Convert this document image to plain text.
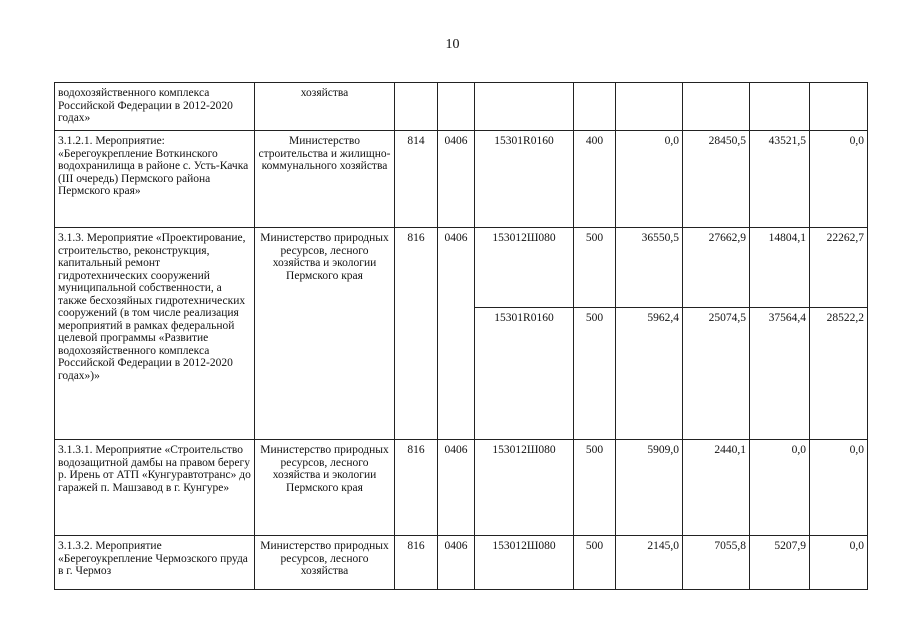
10
водохозяйственного комплекса Российской Федерации в 2012-2020 годах»	хозяйства								
3.1.2.1. Мероприятие: «Берегоукрепление Воткинского водохранилища в районе с. Усть-Качка (III очередь) Пермского района Пермского края»	Министерство строительства и жилищно-коммунального хозяйства	814	0406	15301R0160	400	0,0	28450,5	43521,5	0,0
3.1.3. Мероприятие «Проектирование, строительство, реконструкция, капитальный ремонт гидротехнических сооружений муниципальной собственности, а также бесхозяйных гидротехнических сооружений (в том числе реализация мероприятий в рамках федеральной целевой программы «Развитие водохозяйственного комплекса Российской Федерации в 2012-2020 годах»)»	Министерство природных ресурсов, лесного хозяйства и экологии Пермского края	816	0406	153012Ш080	500	36550,5	27662,9	14804,1	22262,7
				15301R0160	500	5962,4	25074,5	37564,4	28522,2
3.1.3.1. Мероприятие «Строительство водозащитной дамбы на правом берегу р. Ирень от АТП «Кунгуравтотранс» до гаражей п. Машзавод в г. Кунгуре»	Министерство природных ресурсов, лесного хозяйства и экологии Пермского края	816	0406	153012Ш080	500	5909,0	2440,1	0,0	0,0
3.1.3.2. Мероприятие «Берегоукрепление Чермозского пруда в г. Чермоз	Министерство природных ресурсов, лесного хозяйства	816	0406	153012Ш080	500	2145,0	7055,8	5207,9	0,0
